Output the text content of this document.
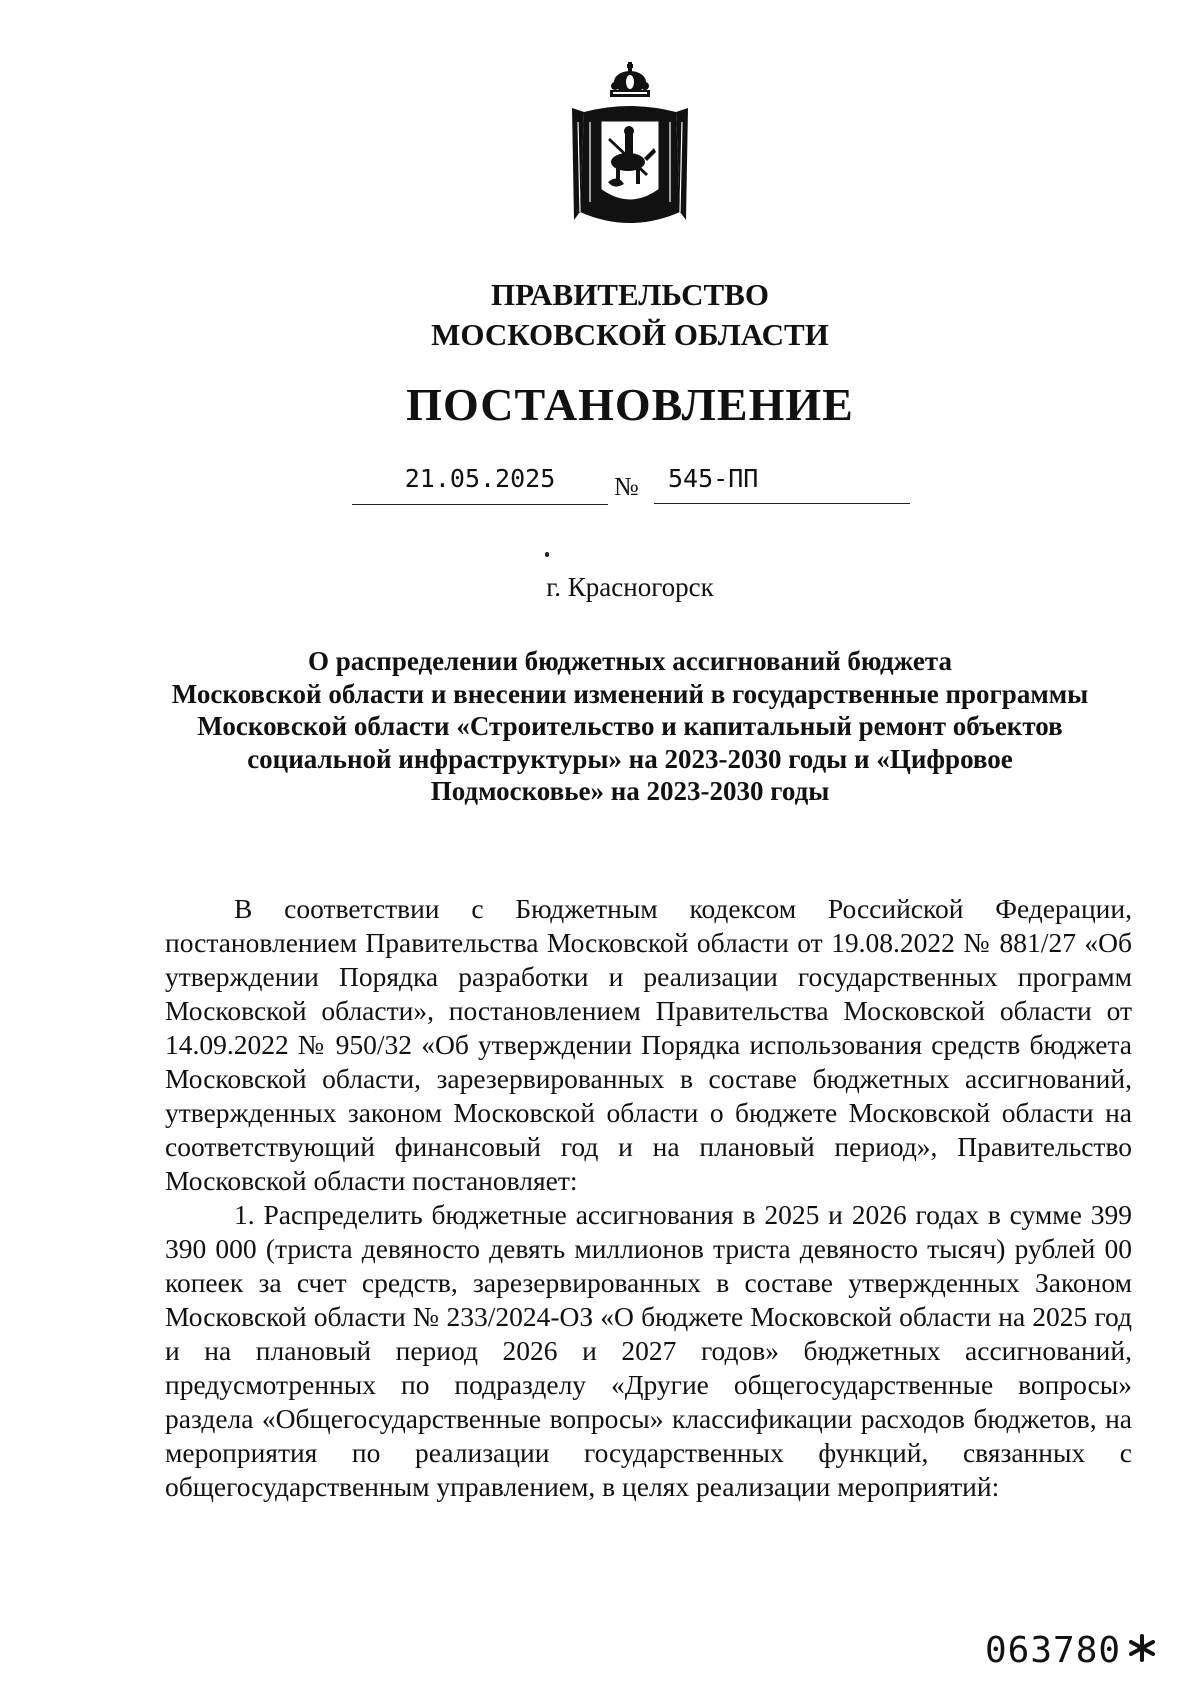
ПРАВИТЕЛЬСТВО
МОСКОВСКОЙ ОБЛАСТИ

ПОСТАНОВЛЕНИЕ

21.05.2025	№	545-ПП

г. Красногорск

О распределении бюджетных ассигнований бюджета
Московской области и внесении изменений в государственные программы
Московской области «Строительство и капитальный ремонт объектов
социальной инфраструктуры» на 2023-2030 годы и «Цифровое
Подмосковье» на 2023-2030 годы

В соответствии с Бюджетным кодексом Российской Федерации, постановлением Правительства Московской области от 19.08.2022 № 881/27 «Об утверждении Порядка разработки и реализации государственных программ Московской области», постановлением Правительства Московской области от 14.09.2022 № 950/32 «Об утверждении Порядка использования средств бюджета Московской области, зарезервированных в составе бюджетных ассигнований, утвержденных законом Московской области о бюджете Московской области на соответствующий финансовый год и на плановый период», Правительство Московской области постановляет:

1. Распределить бюджетные ассигнования в 2025 и 2026 годах в сумме 399 390 000 (триста девяносто девять миллионов триста девяносто тысяч) рублей 00 копеек за счет средств, зарезервированных в составе утвержденных Законом Московской области № 233/2024-ОЗ «О бюджете Московской области на 2025 год и на плановый период 2026 и 2027 годов» бюджетных ассигнований, предусмотренных по подразделу «Другие общегосударственные вопросы» раздела «Общегосударственные вопросы» классификации расходов бюджетов, на мероприятия по реализации государственных функций, связанных с общегосударственным управлением, в целях реализации мероприятий:

063780
